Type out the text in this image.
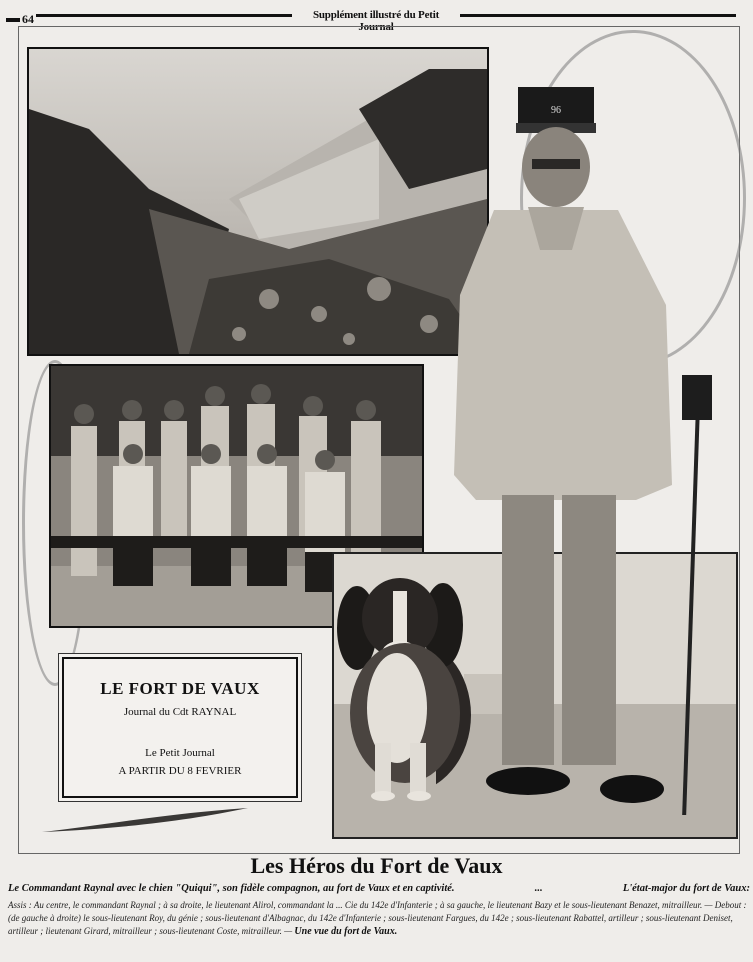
64	Supplément illustré du Petit Journal
96
LE FORT DE VAUX
Journal du Cdt RAYNAL
Le Petit Journal
A PARTIR DU 8 FEVRIER
Les Héros du Fort de Vaux
Le Commandant Raynal avec le chien "Quiqui", son fidèle compagnon, au fort de Vaux et en captivité.	...	L'état-major du fort de Vaux:
Assis : Au centre, le commandant Raynal ; à sa droite, le lieutenant Alirol, commandant la ... Cie du 142e d'Infanterie ; à sa gauche, le lieutenant Bazy et le sous-lieutenant Benazet, mitrailleur. — Debout : (de gauche à droite) le sous-lieutenant Roy, du génie ; sous-lieutenant d'Albagnac, du 142e d'Infanterie ; sous-lieutenant Fargues, du 142e ; sous-lieutenant Rabattel, artilleur ; sous-lieutenant Deniset, artilleur ; lieutenant Girard, mitrailleur ; sous-lieutenant Coste, mitrailleur. — Une vue du fort de Vaux.
